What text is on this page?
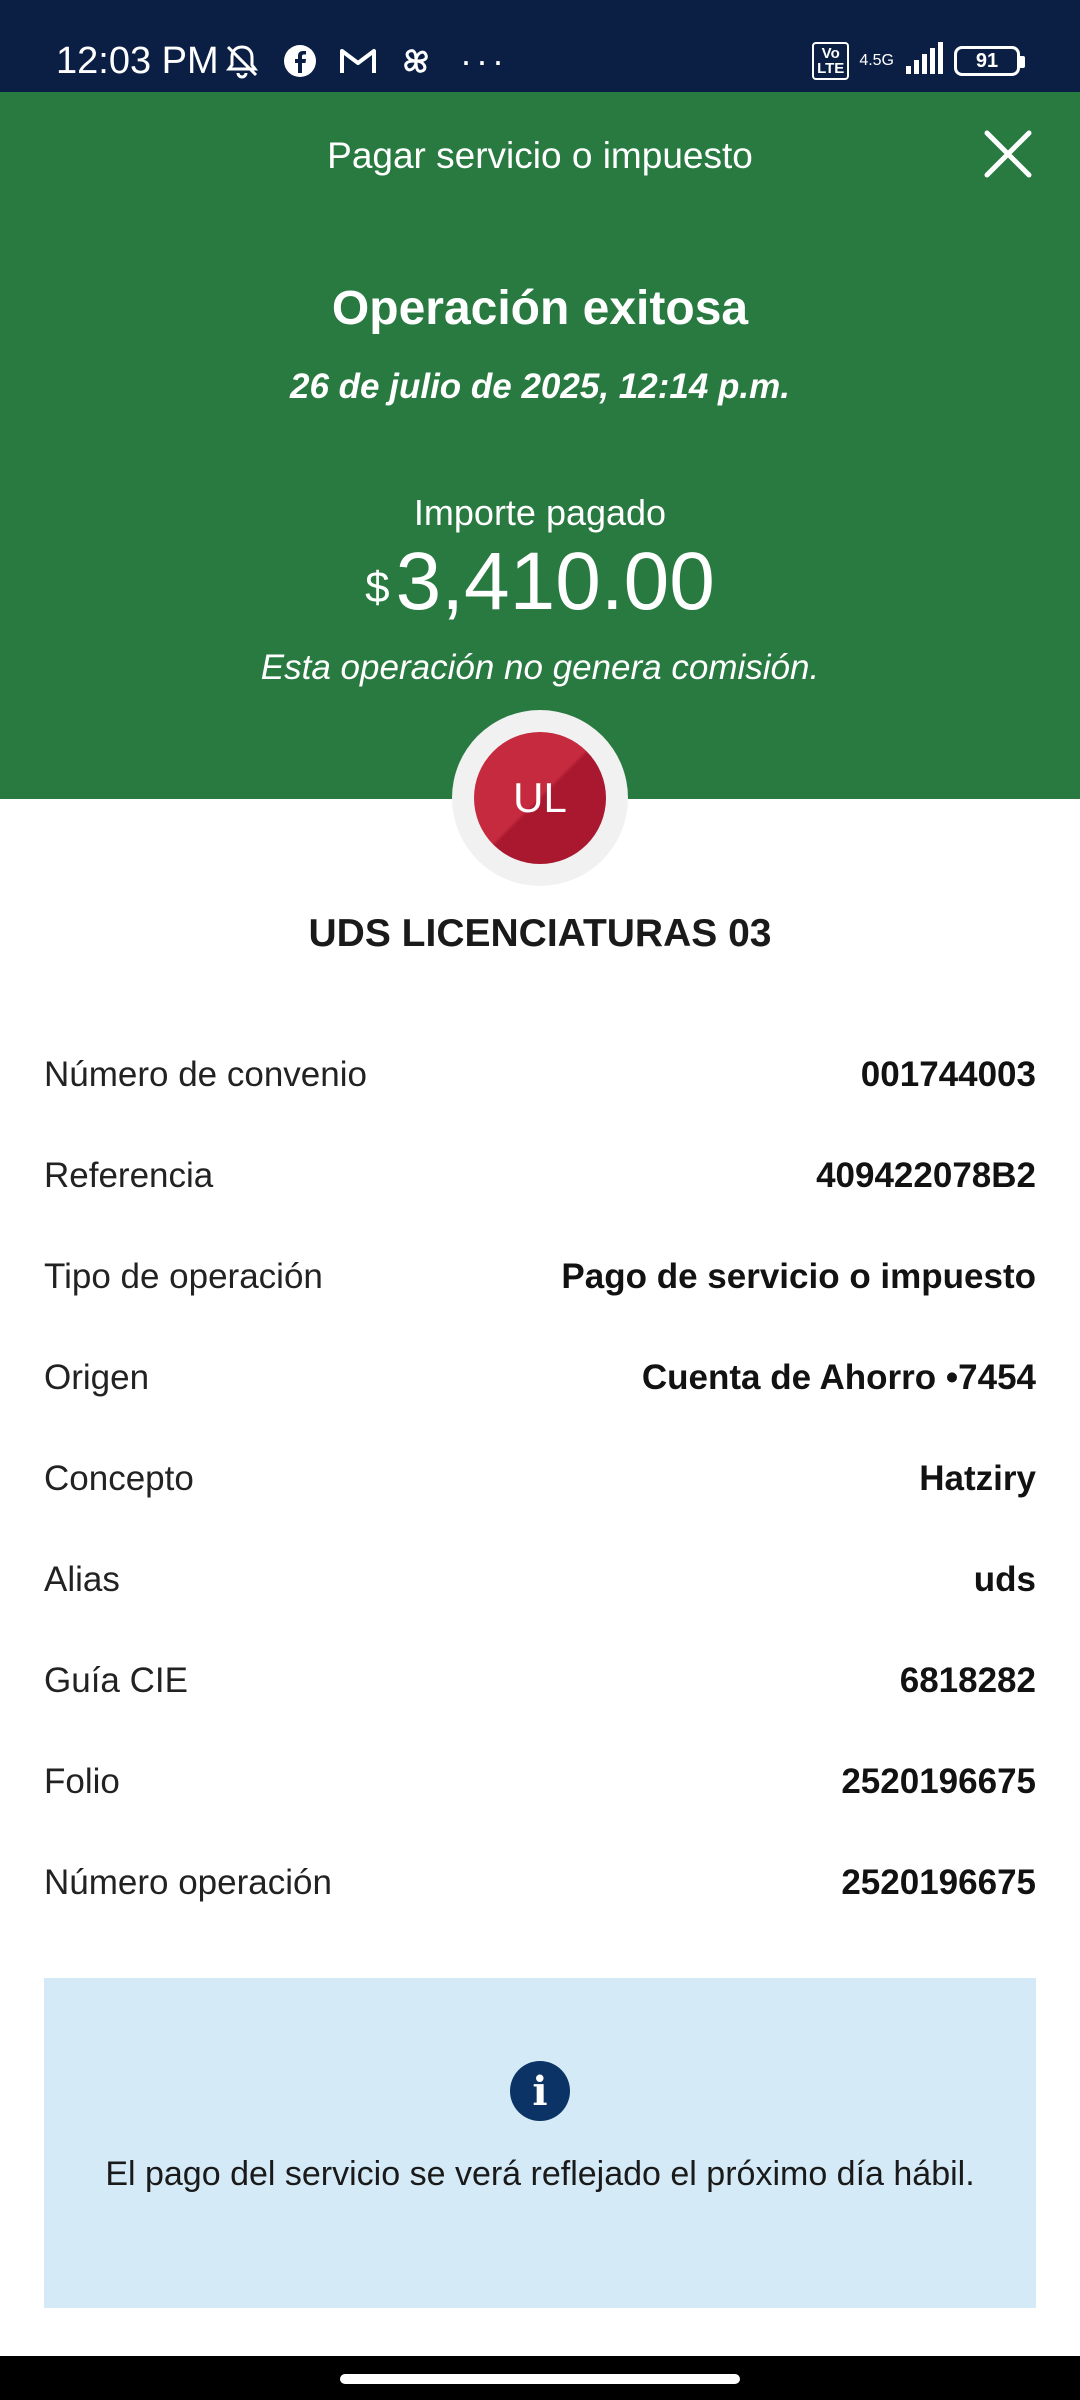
12:03 PM	···	Vo
LTE 4.5G	91
Pagar servicio o impuesto
Operación exitosa
26 de julio de 2025, 12:14 p.m.
Importe pagado
$3,410.00
Esta operación no genera comisión.
UL
UDS LICENCIATURAS 03
Número de convenio	001744003
Referencia	409422078B2
Tipo de operación	Pago de servicio o impuesto
Origen	Cuenta de Ahorro •7454
Concepto	Hatziry
Alias	uds
Guía CIE	6818282
Folio	2520196675
Número operación	2520196675
i
El pago del servicio se verá reflejado el próximo día hábil.
